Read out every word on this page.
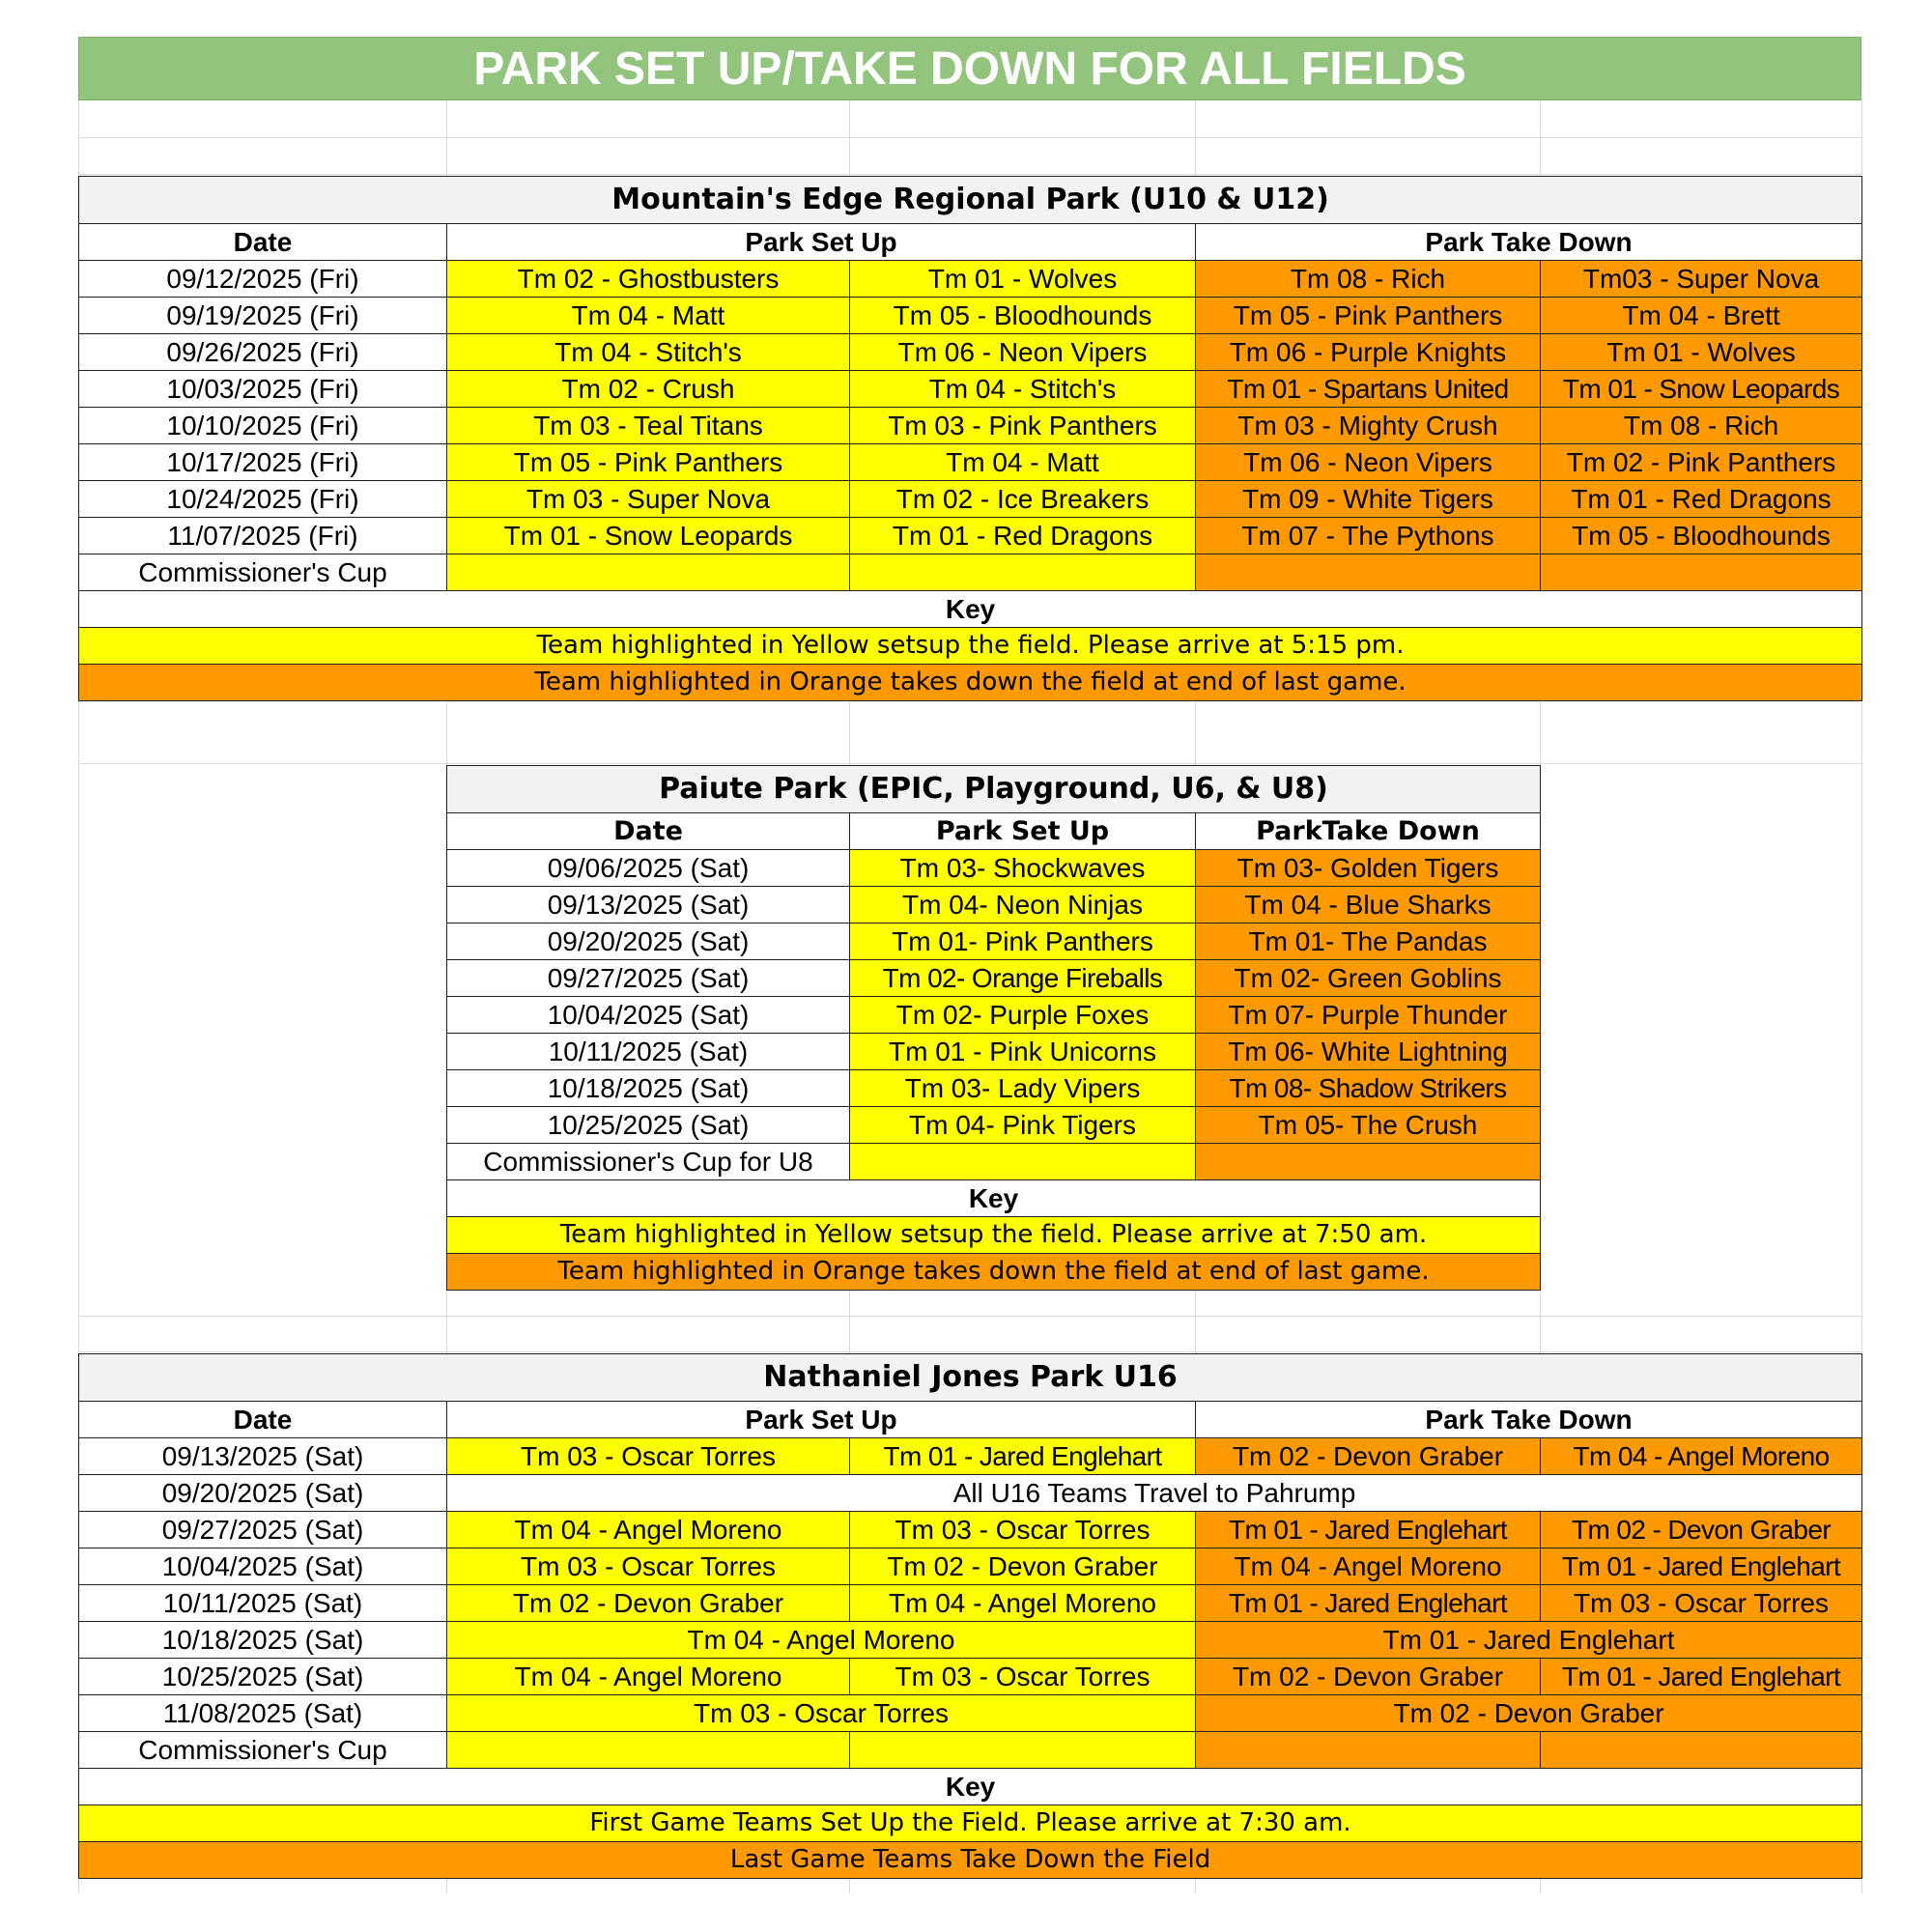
PARK SET UP/TAKE DOWN FOR ALL FIELDS
Mountain's Edge Regional Park (U10 & U12)				
Date	Park Set Up		Park Take Down	
09/12/2025 (Fri)	Tm 02 - Ghostbusters	Tm 01 - Wolves	Tm 08 - Rich	Tm03 - Super Nova
09/19/2025 (Fri)	Tm 04 - Matt	Tm 05 - Bloodhounds	Tm 05 - Pink Panthers	Tm 04 - Brett
09/26/2025 (Fri)	Tm 04 - Stitch's	Tm 06 - Neon Vipers	Tm 06 - Purple Knights	Tm 01 - Wolves
10/03/2025 (Fri)	Tm 02 - Crush	Tm 04 - Stitch's	Tm 01 - Spartans United	Tm 01 - Snow Leopards
10/10/2025 (Fri)	Tm 03 - Teal Titans	Tm 03 - Pink Panthers	Tm 03 - Mighty Crush	Tm 08 - Rich
10/17/2025 (Fri)	Tm 05 - Pink Panthers	Tm 04 - Matt	Tm 06 - Neon Vipers	Tm 02 - Pink Panthers
10/24/2025 (Fri)	Tm 03 - Super Nova	Tm 02 - Ice Breakers	Tm 09 - White Tigers	Tm 01 - Red Dragons
11/07/2025 (Fri)	Tm 01 - Snow Leopards	Tm 01 - Red Dragons	Tm 07 - The Pythons	Tm 05 - Bloodhounds
Commissioner's Cup				
Key				
Team highlighted in Yellow setsup the field. Please arrive at 5:15 pm.				
Team highlighted in Orange takes down the field at end of last game.				
Paiute Park (EPIC, Playground, U6, & U8)		
Date	Park Set Up	ParkTake Down
09/06/2025 (Sat)	Tm 03- Shockwaves	Tm 03- Golden Tigers
09/13/2025 (Sat)	Tm 04- Neon Ninjas	Tm 04 - Blue Sharks
09/20/2025 (Sat)	Tm 01- Pink Panthers	Tm 01- The Pandas
09/27/2025 (Sat)	Tm 02- Orange Fireballs	Tm 02- Green Goblins
10/04/2025 (Sat)	Tm 02- Purple Foxes	Tm 07- Purple Thunder
10/11/2025 (Sat)	Tm 01 - Pink Unicorns	Tm 06- White Lightning
10/18/2025 (Sat)	Tm 03- Lady Vipers	Tm 08- Shadow Strikers
10/25/2025 (Sat)	Tm 04- Pink Tigers	Tm 05- The Crush
Commissioner's Cup for U8		
Key		
Team highlighted in Yellow setsup the field. Please arrive at 7:50 am.		
Team highlighted in Orange takes down the field at end of last game.		
Nathaniel Jones Park U16				
Date	Park Set Up		Park Take Down	
09/13/2025 (Sat)	Tm 03 - Oscar Torres	Tm 01 - Jared Englehart	Tm 02 - Devon Graber	Tm 04 - Angel Moreno
09/20/2025 (Sat)	All U16 Teams Travel to Pahrump			
09/27/2025 (Sat)	Tm 04 - Angel Moreno	Tm 03 - Oscar Torres	Tm 01 - Jared Englehart	Tm 02 - Devon Graber
10/04/2025 (Sat)	Tm 03 - Oscar Torres	Tm 02 - Devon Graber	Tm 04 - Angel Moreno	Tm 01 - Jared Englehart
10/11/2025 (Sat)	Tm 02 - Devon Graber	Tm 04 - Angel Moreno	Tm 01 - Jared Englehart	Tm 03 - Oscar Torres
10/18/2025 (Sat)	Tm 04 - Angel Moreno		Tm 01 - Jared Englehart	
10/25/2025 (Sat)	Tm 04 - Angel Moreno	Tm 03 - Oscar Torres	Tm 02 - Devon Graber	Tm 01 - Jared Englehart
11/08/2025 (Sat)	Tm 03 - Oscar Torres		Tm 02 - Devon Graber	
Commissioner's Cup				
Key				
First Game Teams Set Up the Field. Please arrive at 7:30 am.				
Last Game Teams Take Down the Field				
